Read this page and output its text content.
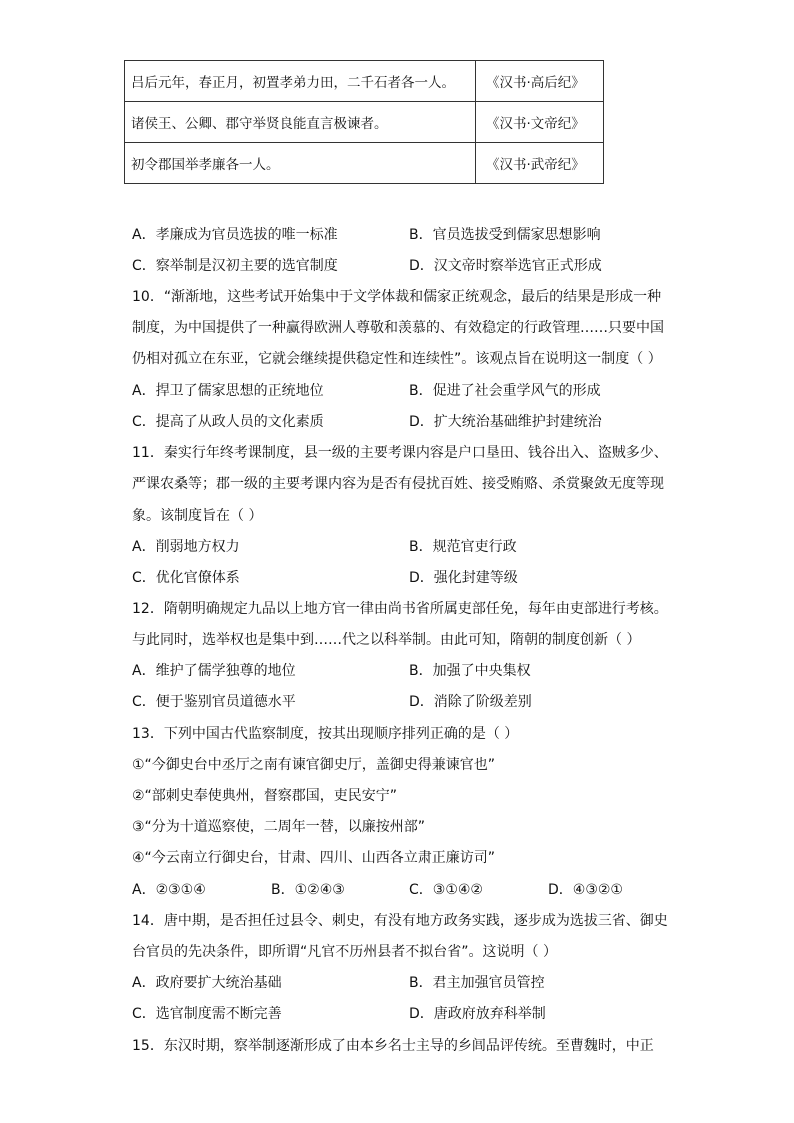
吕后元年，春正月，初置孝弟力田，二千石者各一人。	《汉书·高后纪》
诸侯王、公卿、郡守举贤良能直言极谏者。	《汉书·文帝纪》
初令郡国举孝廉各一人。	《汉书·武帝纪》
A．孝廉成为官员选拔的唯一标准	B．官员选拔受到儒家思想影响
C．察举制是汉初主要的选官制度	D．汉文帝时察举选官正式形成
10．“渐渐地，这些考试开始集中于文学体裁和儒家正统观念，最后的结果是形成一种
制度，为中国提供了一种赢得欧洲人尊敬和羡慕的、有效稳定的行政管理……只要中国
仍相对孤立在东亚，它就会继续提供稳定性和连续性”。该观点旨在说明这一制度（ ）
A．捍卫了儒家思想的正统地位	B．促进了社会重学风气的形成
C．提高了从政人员的文化素质	D．扩大统治基础维护封建统治
11．秦实行年终考课制度，县一级的主要考课内容是户口垦田、钱谷出入、盗贼多少、
严课农桑等；郡一级的主要考课内容为是否有侵扰百姓、接受贿赂、杀赏聚敛无度等现
象。该制度旨在（ ）
A．削弱地方权力	B．规范官吏行政
C．优化官僚体系	D．强化封建等级
12．隋朝明确规定九品以上地方官一律由尚书省所属吏部任免，每年由吏部进行考核。
与此同时，选举权也是集中到……代之以科举制。由此可知，隋朝的制度创新（ ）
A．维护了儒学独尊的地位	B．加强了中央集权
C．便于鉴别官员道德水平	D．消除了阶级差别
13．下列中国古代监察制度，按其出现顺序排列正确的是（ ）
①“今御史台中丞厅之南有谏官御史厅，盖御史得兼谏官也”
②“部刺史奉使典州，督察郡国，吏民安宁”
③“分为十道巡察使，二周年一替，以廉按州部”
④“今云南立行御史台，甘肃、四川、山西各立肃正廉访司”
A．②③①④	B．①②④③	C．③①④②	D．④③②①
14．唐中期，是否担任过县令、刺史，有没有地方政务实践，逐步成为选拔三省、御史
台官员的先决条件，即所谓“凡官不历州县者不拟台省”。这说明（ ）
A．政府要扩大统治基础	B．君主加强官员管控
C．选官制度需不断完善	D．唐政府放弃科举制
15．东汉时期，察举制逐渐形成了由本乡名士主导的乡闾品评传统。至曹魏时，中正
